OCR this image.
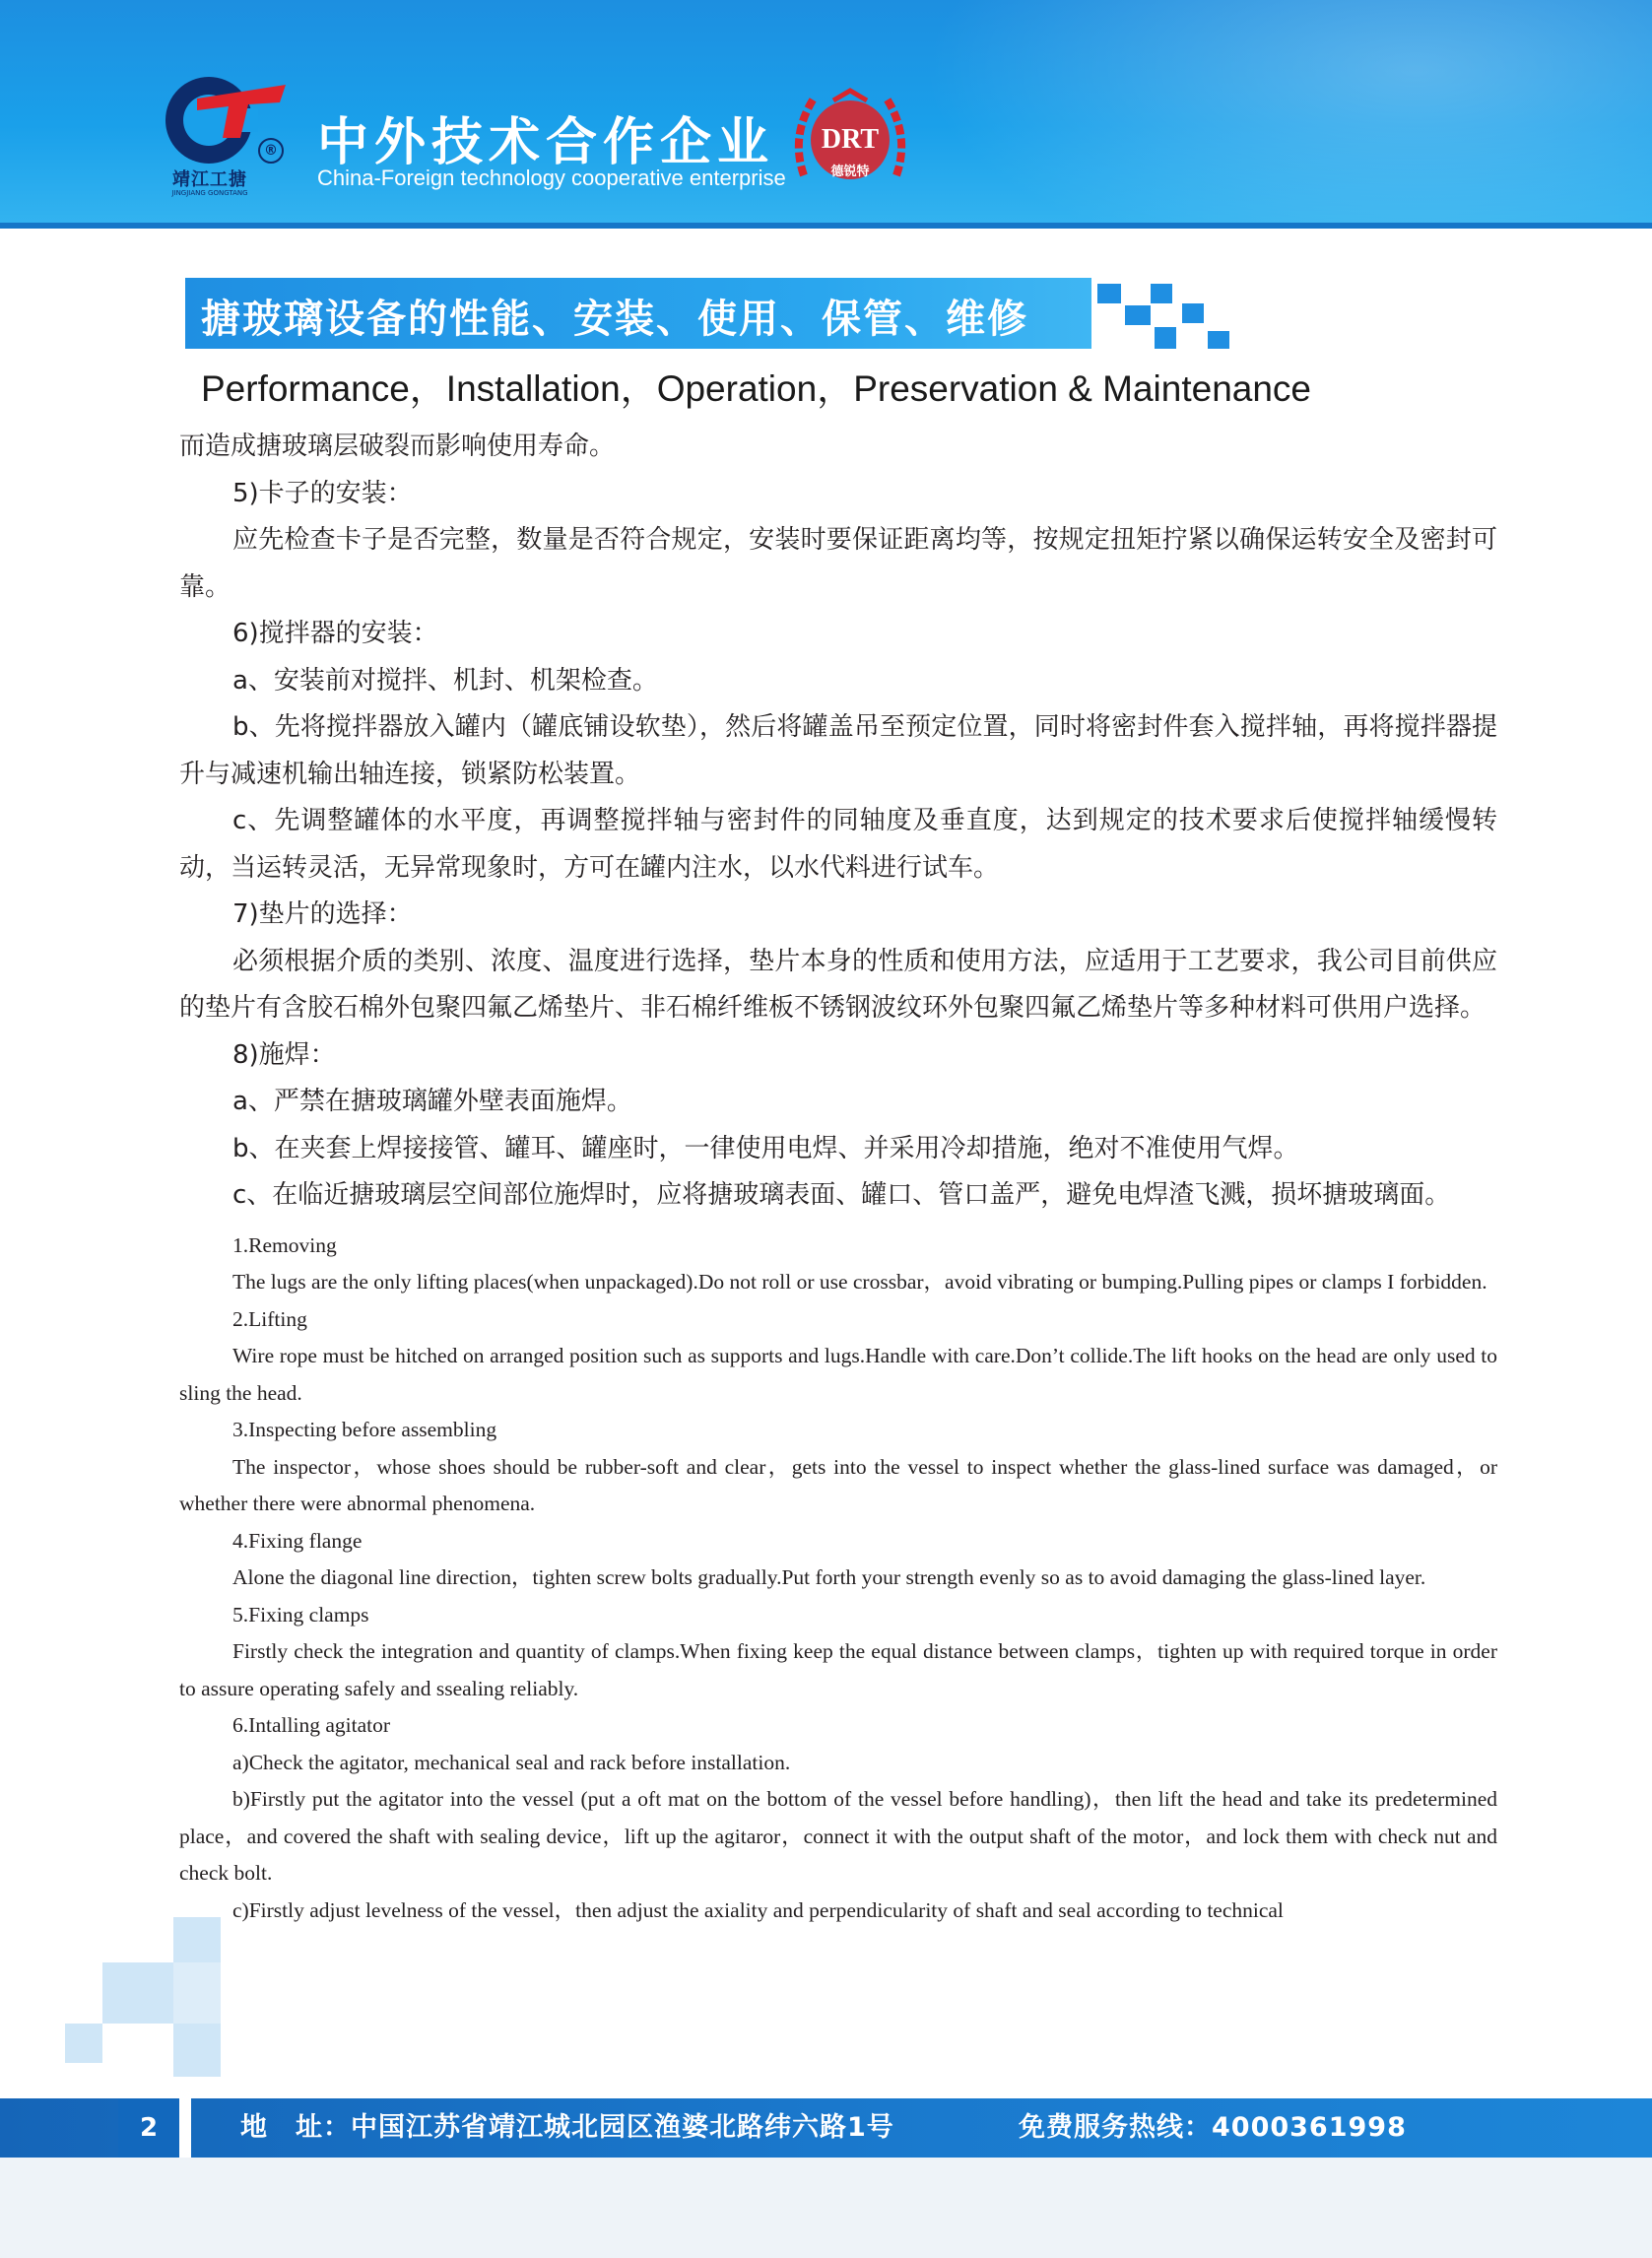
靖江工搪
JINGJIANG GONGTANG
® 中外技术合作企业
China-Foreign technology cooperative enterprise
DRT
德锐特
搪玻璃设备的性能、安装、使用、保管、维修
Performance，Installation，Operation，Preservation & Maintenance

而造成搪玻璃层破裂而影响使用寿命。

5)卡子的安装：

应先检查卡子是否完整，数量是否符合规定，安装时要保证距离均等，按规定扭矩拧紧以确保运转安全及密封可靠。

6)搅拌器的安装：

a、安装前对搅拌、机封、机架检查。

b、先将搅拌器放入罐内（罐底铺设软垫），然后将罐盖吊至预定位置，同时将密封件套入搅拌轴，再将搅拌器提升与减速机输出轴连接，锁紧防松装置。

c、先调整罐体的水平度，再调整搅拌轴与密封件的同轴度及垂直度，达到规定的技术要求后使搅拌轴缓慢转动，当运转灵活，无异常现象时，方可在罐内注水，以水代料进行试车。

7)垫片的选择：

必须根据介质的类别、浓度、温度进行选择，垫片本身的性质和使用方法，应适用于工艺要求，我公司目前供应的垫片有含胶石棉外包聚四氟乙烯垫片、非石棉纤维板不锈钢波纹环外包聚四氟乙烯垫片等多种材料可供用户选择。

8)施焊：

a、严禁在搪玻璃罐外壁表面施焊。

b、在夹套上焊接接管、罐耳、罐座时，一律使用电焊、并采用冷却措施，绝对不准使用气焊。

c、在临近搪玻璃层空间部位施焊时，应将搪玻璃表面、罐口、管口盖严，避免电焊渣飞溅，损坏搪玻璃面。

1.Removing

The lugs are the only lifting places(when unpackaged).Do not roll or use crossbar，avoid vibrating or bumping.Pulling pipes or clamps I forbidden.

2.Lifting

Wire rope must be hitched on arranged position such as supports and lugs.Handle with care.Don’t collide.The lift hooks on the head are only used to sling the head.

3.Inspecting before assembling

The inspector，whose shoes should be rubber-soft and clear，gets into the vessel to inspect whether the glass-lined surface was damaged，or whether there were abnormal phenomena.

4.Fixing flange

Alone the diagonal line direction，tighten screw bolts gradually.Put forth your strength evenly so as to avoid damaging the glass-lined layer.

5.Fixing clamps

Firstly check the integration and quantity of clamps.When fixing keep the equal distance between clamps，tighten up with required torque in order to assure operating safely and ssealing reliably.

6.Intalling agitator

a)Check the agitator, mechanical seal and rack before installation.

b)Firstly put the agitator into the vessel (put a oft mat on the bottom of the vessel before handling)，then lift the head and take its predetermined place，and covered the shaft with sealing device，lift up the agitaror，connect it with the output shaft of the motor，and lock them with check nut and check bolt.

c)Firstly adjust levelness of the vessel，then adjust the axiality and perpendicularity of shaft and seal according to technical

2	地　址：中国江苏省靖江城北园区渔婆北路纬六路1号	免费服务热线：4000361998
